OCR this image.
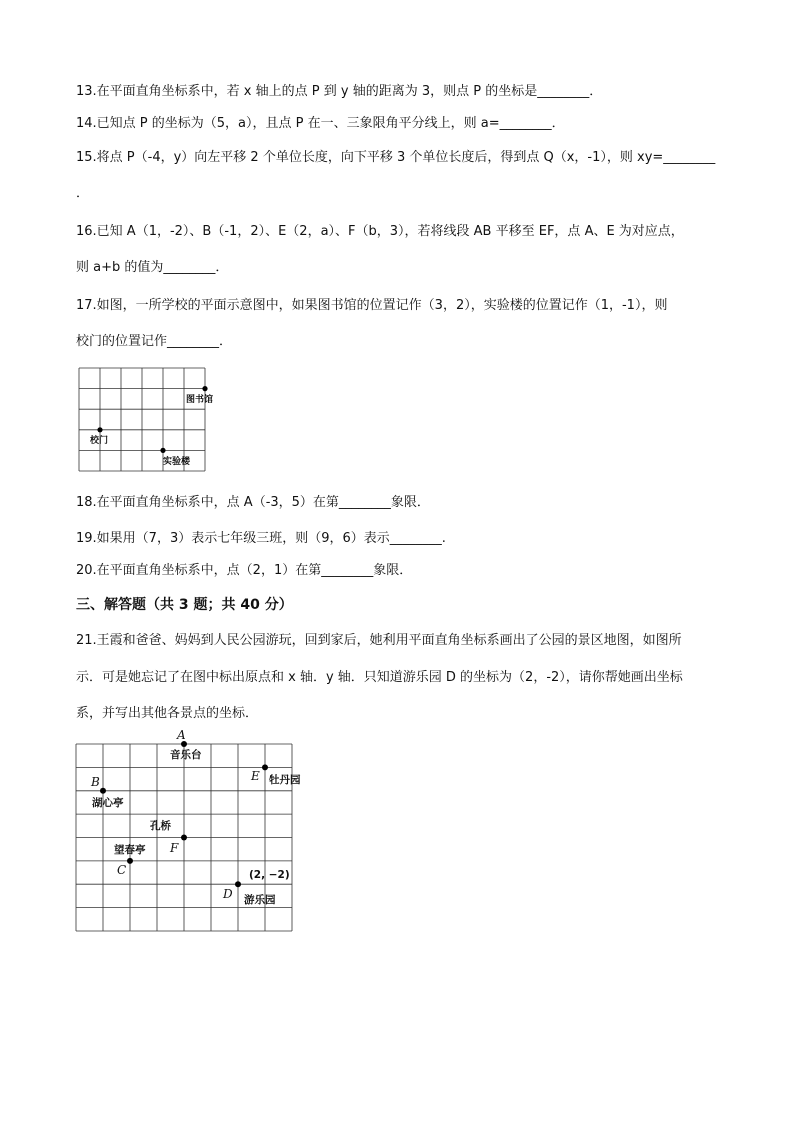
13.在平面直角坐标系中，若 x 轴上的点 P 到 y 轴的距离为 3，则点 P 的坐标是________．
14.已知点 P 的坐标为（5，a），且点 P 在一、三象限角平分线上，则 a=________．
15.将点 P（-4，y）向左平移 2 个单位长度，向下平移 3 个单位长度后，得到点 Q（x，-1），则 xy=________
．
16.已知 A（1，-2）、B（-1，2）、E（2，a）、F（b，3），若将线段 AB 平移至 EF，点 A、E 为对应点，
则 a+b 的值为________．
17.如图，一所学校的平面示意图中，如果图书馆的位置记作（3，2），实验楼的位置记作（1，-1），则
校门的位置记作________．
图书馆
校门
实验楼
18.在平面直角坐标系中，点 A（-3，5）在第________象限．
19.如果用（7，3）表示七年级三班，则（9，6）表示________.
20.在平面直角坐标系中，点（2，1）在第________象限．
三、解答题（共 3 题；共 40 分）
21.王霞和爸爸、妈妈到人民公园游玩，回到家后，她利用平面直角坐标系画出了公园的景区地图，如图所
示．可是她忘记了在图中标出原点和 x 轴．y 轴．只知道游乐园 D 的坐标为（2，-2），请你帮她画出坐标
系，并写出其他各景点的坐标．
A
音乐台
E 牡丹园
B
湖心亭
孔桥
F
望春亭
C	(2, −2)
D 游乐园
